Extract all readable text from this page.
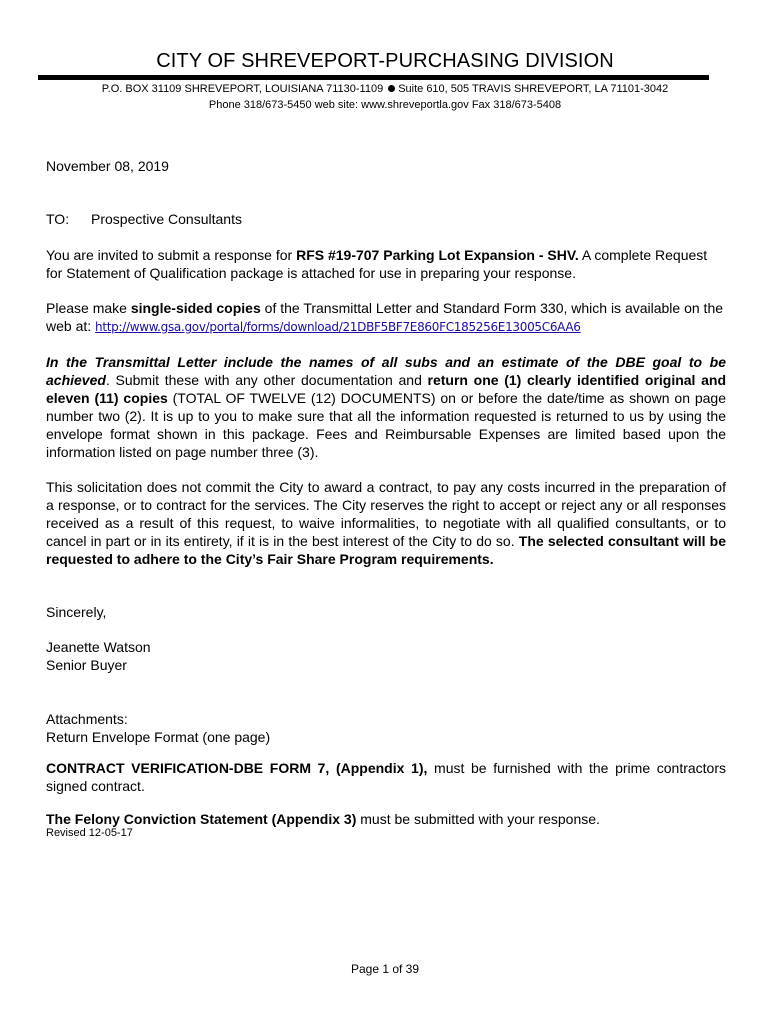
CITY OF SHREVEPORT-PURCHASING DIVISION
P.O. BOX 31109 SHREVEPORT, LOUISIANA 71130-1109 Suite 610, 505 TRAVIS SHREVEPORT, LA 71101-3042
Phone 318/673-5450 web site: www.shreveportla.gov Fax 318/673-5408
November 08, 2019
TO: Prospective Consultants
You are invited to submit a response for RFS #19-707 Parking Lot Expansion - SHV. A complete Request for Statement of Qualification package is attached for use in preparing your response.
Please make single-sided copies of the Transmittal Letter and Standard Form 330, which is available on the web at: http://www.gsa.gov/portal/forms/download/21DBF5BF7E860FC185256E13005C6AA6
In the Transmittal Letter include the names of all subs and an estimate of the DBE goal to be achieved. Submit these with any other documentation and return one (1) clearly identified original and eleven (11) copies (TOTAL OF TWELVE (12) DOCUMENTS) on or before the date/time as shown on page number two (2). It is up to you to make sure that all the information requested is returned to us by using the envelope format shown in this package. Fees and Reimbursable Expenses are limited based upon the information listed on page number three (3).
This solicitation does not commit the City to award a contract, to pay any costs incurred in the preparation of a response, or to contract for the services. The City reserves the right to accept or reject any or all responses received as a result of this request, to waive informalities, to negotiate with all qualified consultants, or to cancel in part or in its entirety, if it is in the best interest of the City to do so. The selected consultant will be requested to adhere to the City’s Fair Share Program requirements.
Sincerely,
Jeanette Watson
Senior Buyer
Attachments:
Return Envelope Format (one page)
CONTRACT VERIFICATION-DBE FORM 7, (Appendix 1), must be furnished with the prime contractors signed contract.
The Felony Conviction Statement (Appendix 3) must be submitted with your response.
Revised 12-05-17
Page 1 of 39
